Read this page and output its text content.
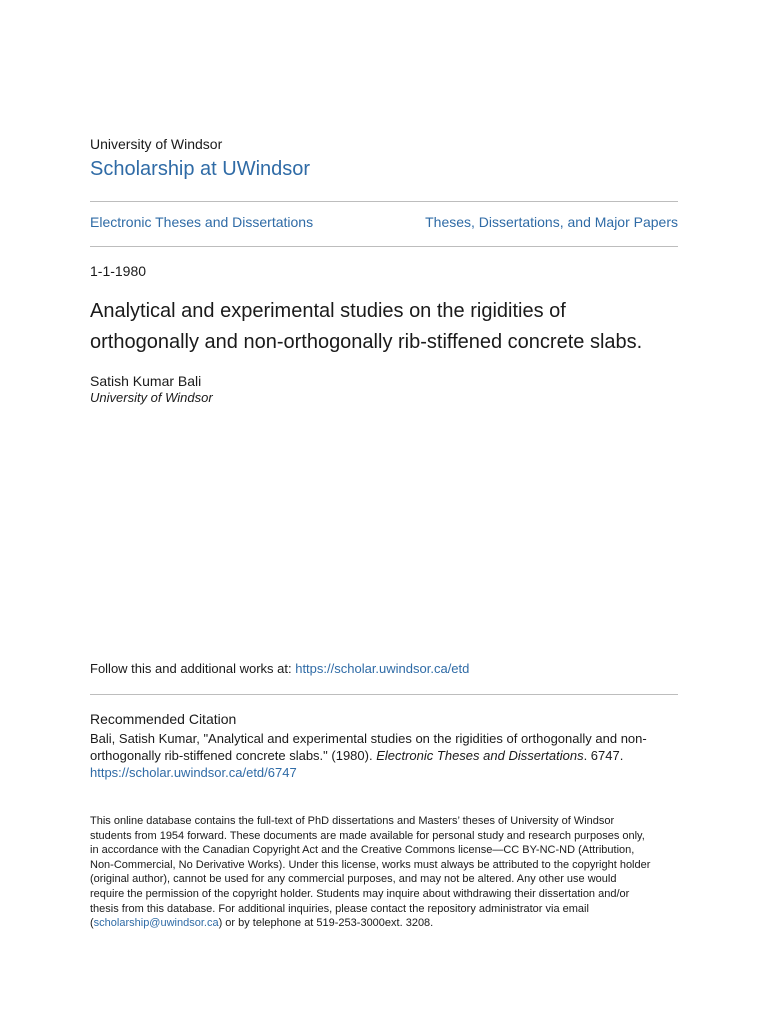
University of Windsor
Scholarship at UWindsor
Electronic Theses and Dissertations	Theses, Dissertations, and Major Papers
1-1-1980
Analytical and experimental studies on the rigidities of
orthogonally and non-orthogonally rib-stiffened concrete slabs.
Satish Kumar Bali
University of Windsor
Follow this and additional works at: https://scholar.uwindsor.ca/etd
Recommended Citation
Bali, Satish Kumar, "Analytical and experimental studies on the rigidities of orthogonally and non-
orthogonally rib-stiffened concrete slabs." (1980). Electronic Theses and Dissertations. 6747.
https://scholar.uwindsor.ca/etd/6747
This online database contains the full-text of PhD dissertations and Masters’ theses of University of Windsor
students from 1954 forward. These documents are made available for personal study and research purposes only,
in accordance with the Canadian Copyright Act and the Creative Commons license—CC BY-NC-ND (Attribution,
Non-Commercial, No Derivative Works). Under this license, works must always be attributed to the copyright holder
(original author), cannot be used for any commercial purposes, and may not be altered. Any other use would
require the permission of the copyright holder. Students may inquire about withdrawing their dissertation and/or
thesis from this database. For additional inquiries, please contact the repository administrator via email
(scholarship@uwindsor.ca) or by telephone at 519-253-3000ext. 3208.
